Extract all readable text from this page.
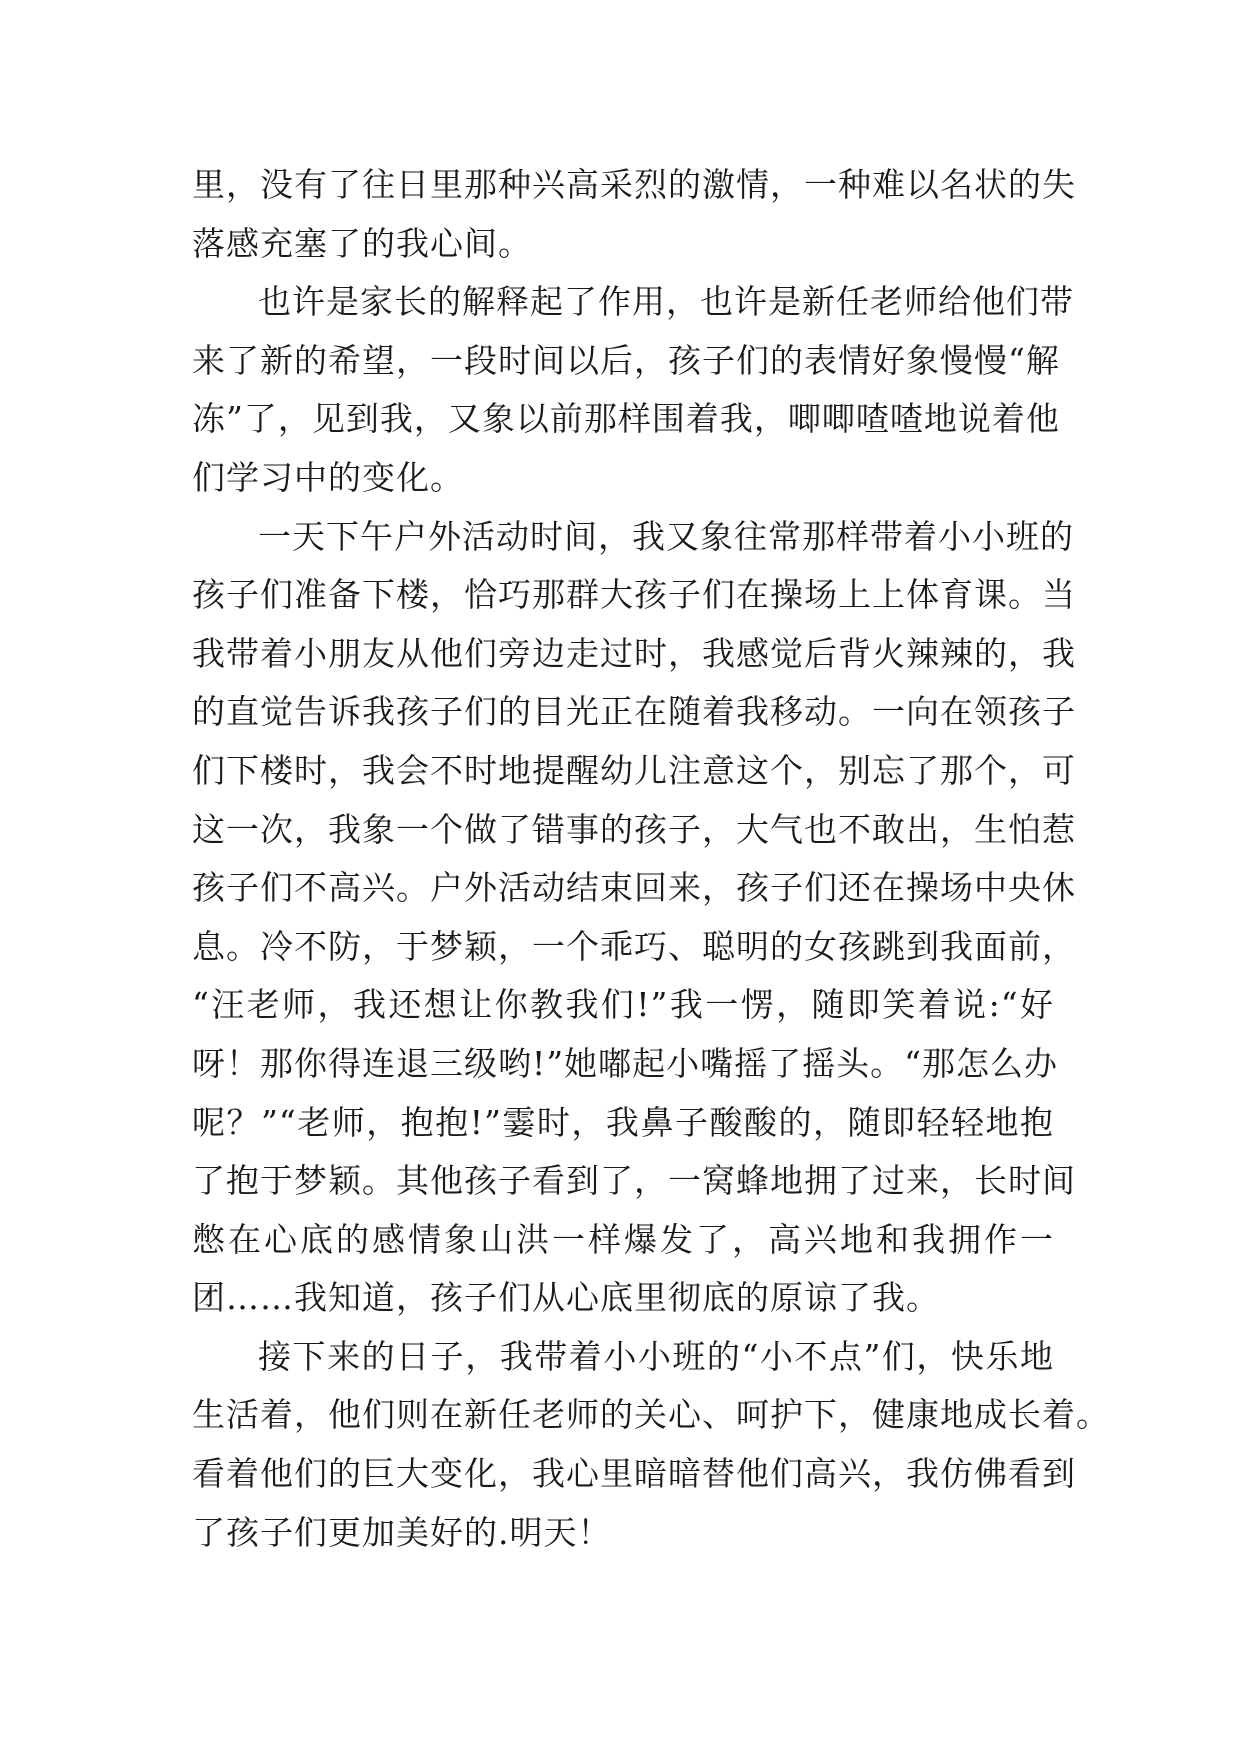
里，没有了往日里那种兴高采烈的激情，一种难以名状的失
落感充塞了的我心间。
也许是家长的解释起了作用，也许是新任老师给他们带
来了新的希望，一段时间以后，孩子们的表情好象慢慢“解
冻”了，见到我，又象以前那样围着我，唧唧喳喳地说着他
们学习中的变化。
一天下午户外活动时间，我又象往常那样带着小小班的
孩子们准备下楼，恰巧那群大孩子们在操场上上体育课。当
我带着小朋友从他们旁边走过时，我感觉后背火辣辣的，我
的直觉告诉我孩子们的目光正在随着我移动。一向在领孩子
们下楼时，我会不时地提醒幼儿注意这个，别忘了那个，可
这一次，我象一个做了错事的孩子，大气也不敢出，生怕惹
孩子们不高兴。户外活动结束回来，孩子们还在操场中央休
息。冷不防，于梦颖，一个乖巧、聪明的女孩跳到我面前，
“汪老师，我还想让你教我们!”我一愣，随即笑着说:“好
呀！那你得连退三级哟!”她嘟起小嘴摇了摇头。“那怎么办
呢？”“老师，抱抱!”霎时，我鼻子酸酸的，随即轻轻地抱
了抱于梦颖。其他孩子看到了，一窝蜂地拥了过来，长时间
憋在心底的感情象山洪一样爆发了，高兴地和我拥作一
团……我知道，孩子们从心底里彻底的原谅了我。
接下来的日子，我带着小小班的“小不点”们，快乐地
生活着，他们则在新任老师的关心、呵护下，健康地成长着。
看着他们的巨大变化，我心里暗暗替他们高兴，我仿佛看到
了孩子们更加美好的.明天！
